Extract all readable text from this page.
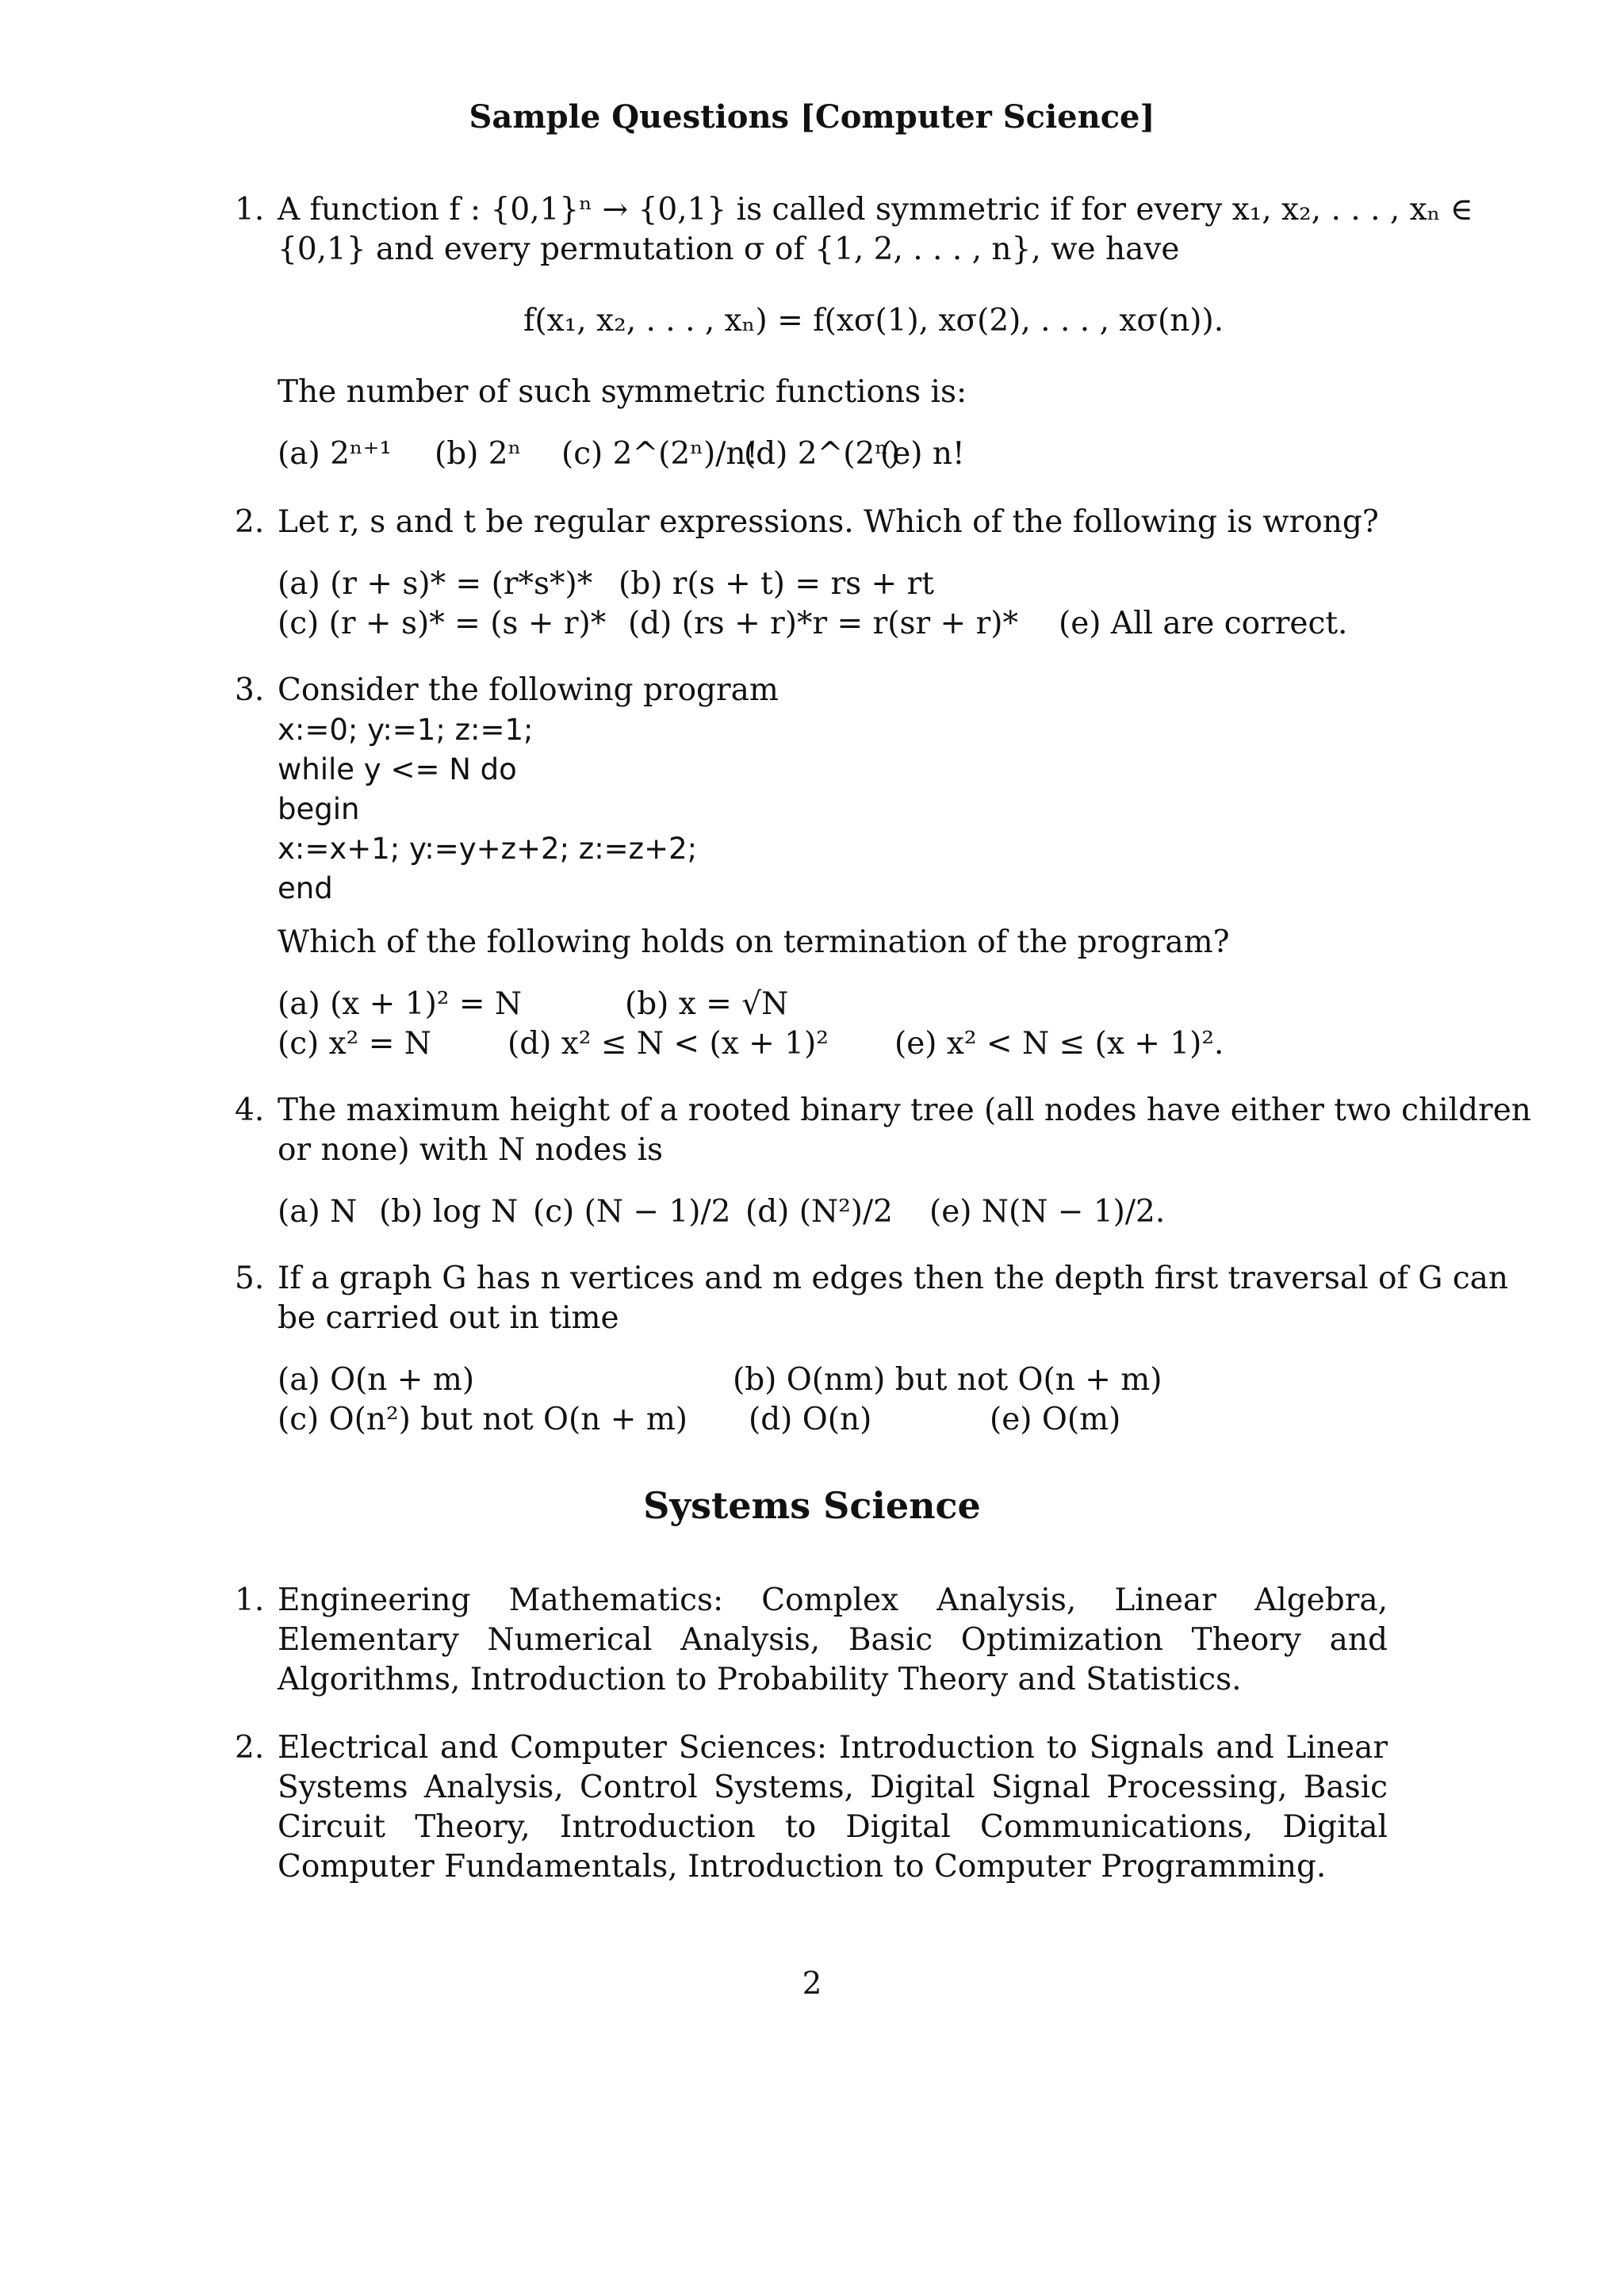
Sample Questions [Computer Science]
1. A function f : {0,1}ⁿ → {0,1} is called symmetric if for every x₁, x₂, . . . , xₙ ∈
{0,1} and every permutation σ of {1, 2, . . . , n}, we have
f(x₁, x₂, . . . , xₙ) = f(xσ(1), xσ(2), . . . , xσ(n)).
The number of such symmetric functions is:
(a) 2ⁿ⁺¹ (b) 2ⁿ (c) 2^(2ⁿ)/n!
(d) 2^(2ⁿ)
(e) n!
2. Let r, s and t be regular expressions. Which of the following is wrong?
(a) (r + s)* = (r*s*)* (b) r(s + t) = rs + rt
(c) (r + s)* = (s + r)* (d) (rs + r)*r = r(sr + r)* (e) All are correct.
3. Consider the following program
x:=0; y:=1; z:=1;
while y <= N do
begin
x:=x+1; y:=y+z+2; z:=z+2;
end
Which of the following holds on termination of the program?
(a) (x + 1)² = N	(b) x = √N
(c) x² = N (d) x² ≤ N < (x + 1)² (e) x² < N ≤ (x + 1)².
4. The maximum height of a rooted binary tree (all nodes have either two children
or none) with N nodes is
(a) N (b) log N (c) (N − 1)/2 (d) (N²)/2 (e) N(N − 1)/2.
5. If a graph G has n vertices and m edges then the depth first traversal of G can
be carried out in time
(a) O(n + m)	(b) O(nm) but not O(n + m)
(c) O(n²) but not O(n + m) (d) O(n)	(e) O(m)
Systems Science
1. Engineering Mathematics: Complex Analysis, Linear Algebra, Elementary Numerical Analysis, Basic Optimization Theory and Algorithms, Introduction to Probability Theory and Statistics.
2. Electrical and Computer Sciences: Introduction to Signals and Linear Systems Analysis, Control Systems, Digital Signal Processing, Basic Circuit Theory, Introduction to Digital Communications, Digital Computer Fundamentals, Introduction to Computer Programming.
2
